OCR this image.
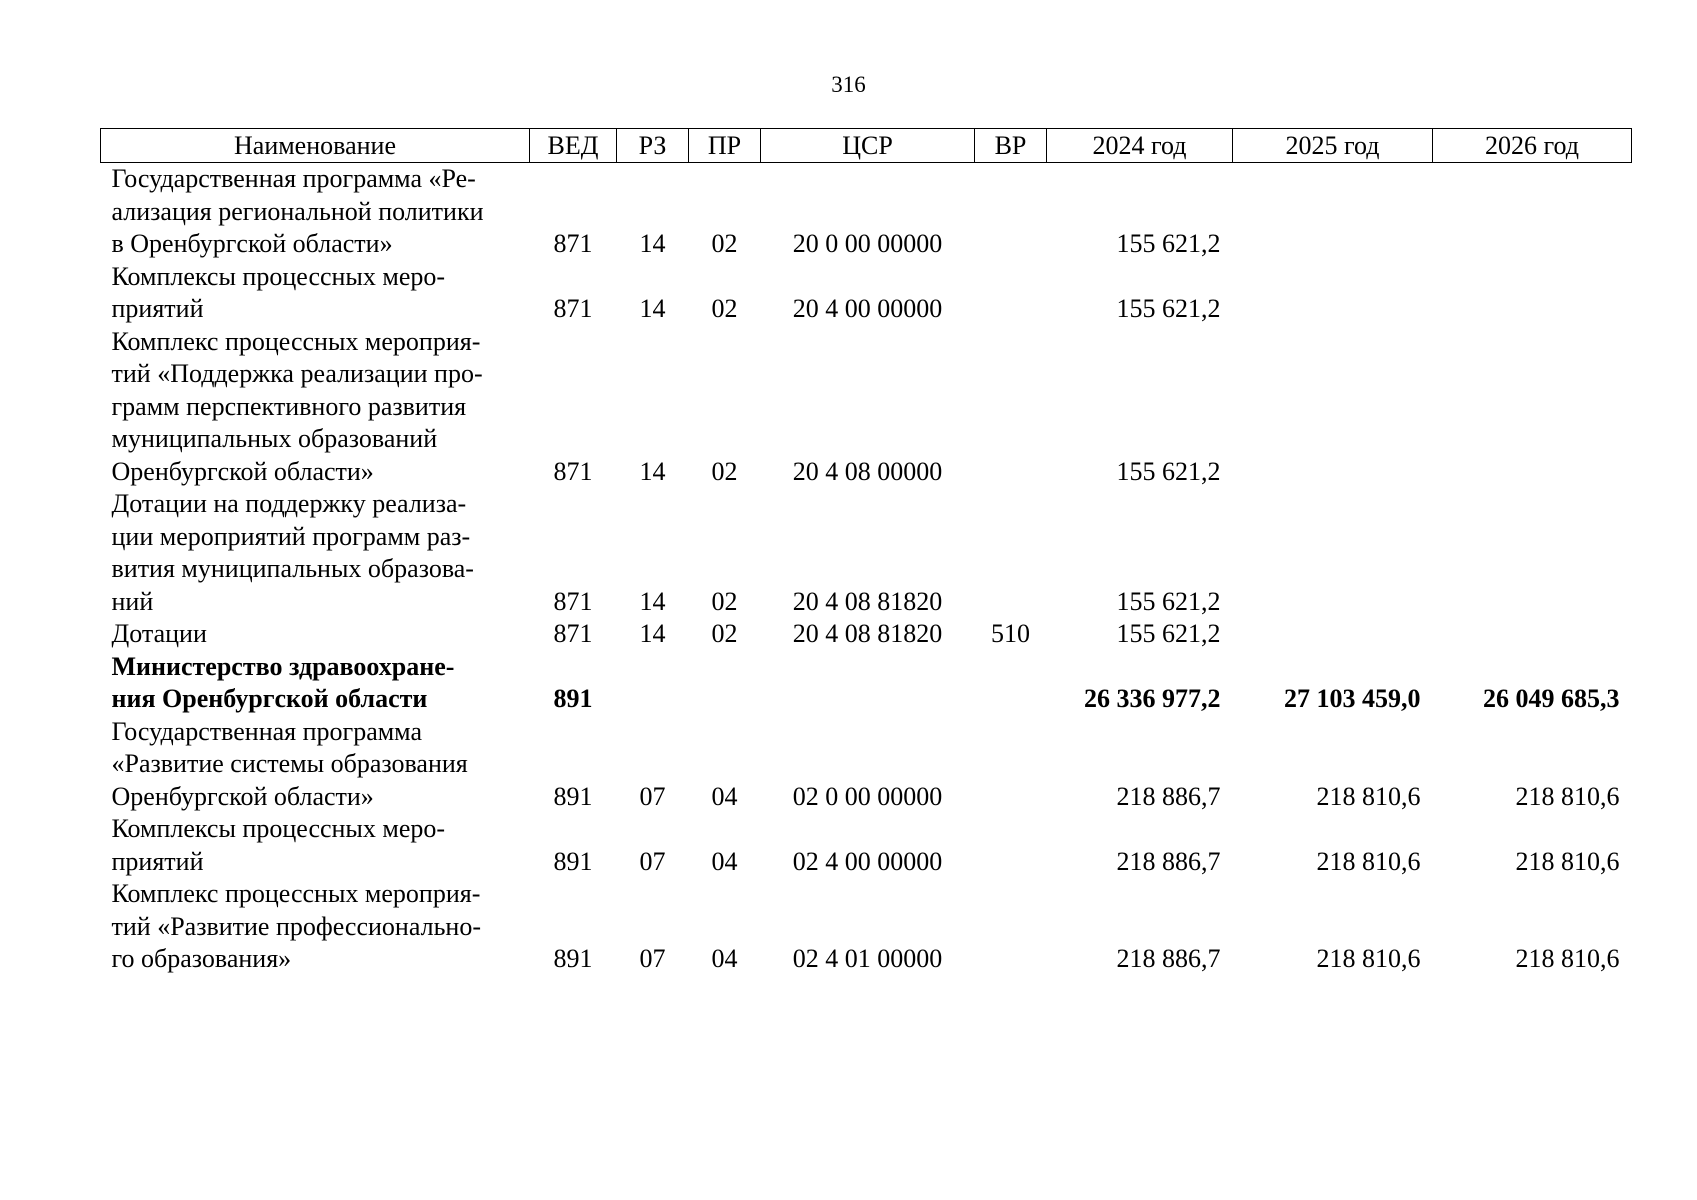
316
Наименование	ВЕД	РЗ	ПР	ЦСР	ВР	2024 год	2025 год	2026 год

Государственная программа «Ре-
ализация региональной политики
в Оренбургской области»	871	14	02	20 0 00 00000		155 621,2		

Комплексы процессных меро-
приятий	871	14	02	20 4 00 00000		155 621,2		

Комплекс процессных мероприя-
тий «Поддержка реализации про-
грамм перспективного развития
муниципальных образований
Оренбургской области»	871	14	02	20 4 08 00000		155 621,2		

Дотации на поддержку реализа-
ции мероприятий программ раз-
вития муниципальных образова-
ний	871	14	02	20 4 08 81820		155 621,2		

Дотации	871	14	02	20 4 08 81820	510	155 621,2		

Министерство здравоохране-
ния Оренбургской области	891					26 336 977,2	27 103 459,0	26 049 685,3

Государственная программа
«Развитие системы образования
Оренбургской области»	891	07	04	02 0 00 00000		218 886,7	218 810,6	218 810,6

Комплексы процессных меро-
приятий	891	07	04	02 4 00 00000		218 886,7	218 810,6	218 810,6

Комплекс процессных мероприя-
тий «Развитие профессионально-
го образования»	891	07	04	02 4 01 00000		218 886,7	218 810,6	218 810,6
